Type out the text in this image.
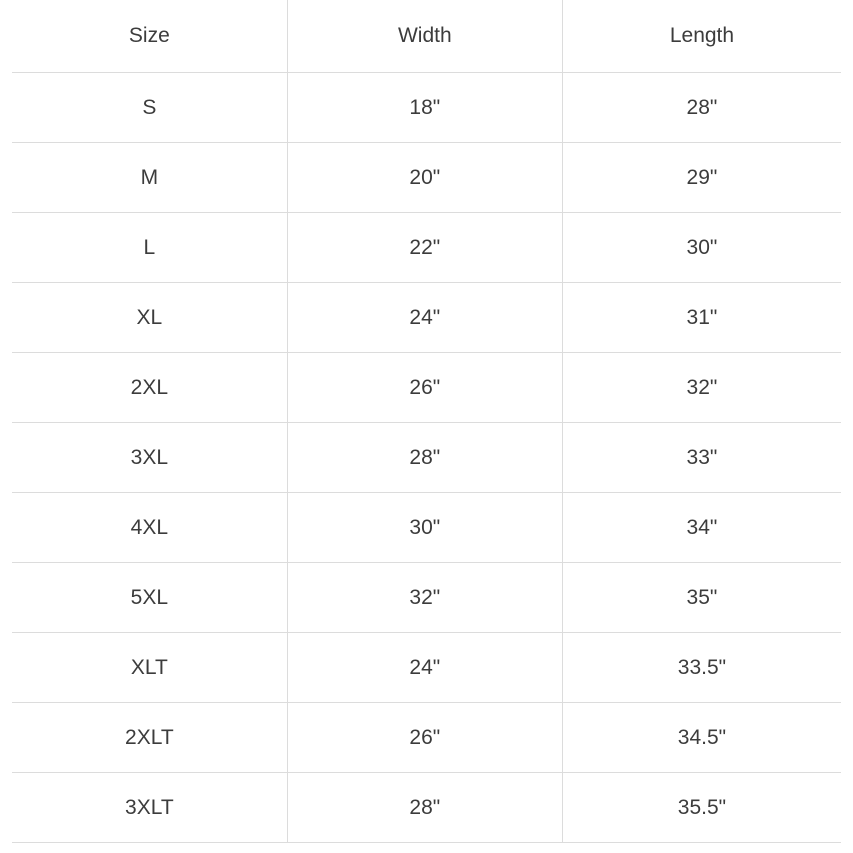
Size	Width	Length
S	18"	28"
M	20"	29"
L	22"	30"
XL	24"	31"
2XL	26"	32"
3XL	28"	33"
4XL	30"	34"
5XL	32"	35"
XLT	24"	33.5"
2XLT	26"	34.5"
3XLT	28"	35.5"
